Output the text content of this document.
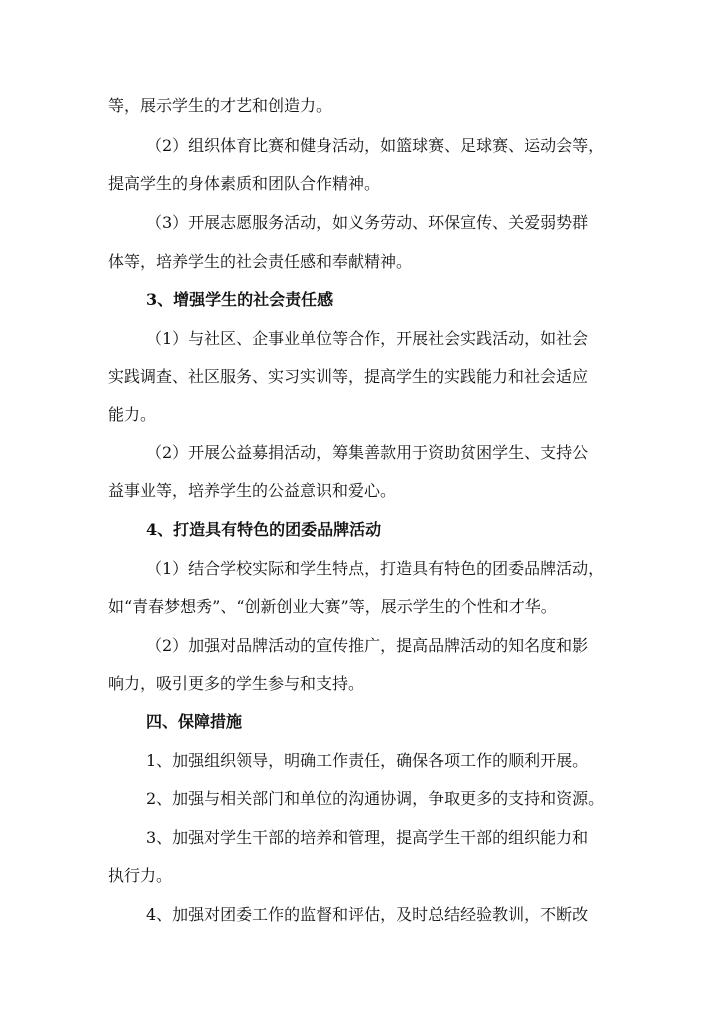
等，展示学生的才艺和创造力。
（2）组织体育比赛和健身活动，如篮球赛、足球赛、运动会等，
提高学生的身体素质和团队合作精神。
（3）开展志愿服务活动，如义务劳动、环保宣传、关爱弱势群
体等，培养学生的社会责任感和奉献精神。
3、增强学生的社会责任感
（1）与社区、企事业单位等合作，开展社会实践活动，如社会
实践调查、社区服务、实习实训等，提高学生的实践能力和社会适应
能力。
（2）开展公益募捐活动，筹集善款用于资助贫困学生、支持公
益事业等，培养学生的公益意识和爱心。
4、打造具有特色的团委品牌活动
（1）结合学校实际和学生特点，打造具有特色的团委品牌活动，
如“青春梦想秀”、“创新创业大赛”等，展示学生的个性和才华。
（2）加强对品牌活动的宣传推广，提高品牌活动的知名度和影
响力，吸引更多的学生参与和支持。
四、保障措施
1、加强组织领导，明确工作责任，确保各项工作的顺利开展。
2、加强与相关部门和单位的沟通协调，争取更多的支持和资源。
3、加强对学生干部的培养和管理，提高学生干部的组织能力和
执行力。
4、加强对团委工作的监督和评估，及时总结经验教训，不断改
